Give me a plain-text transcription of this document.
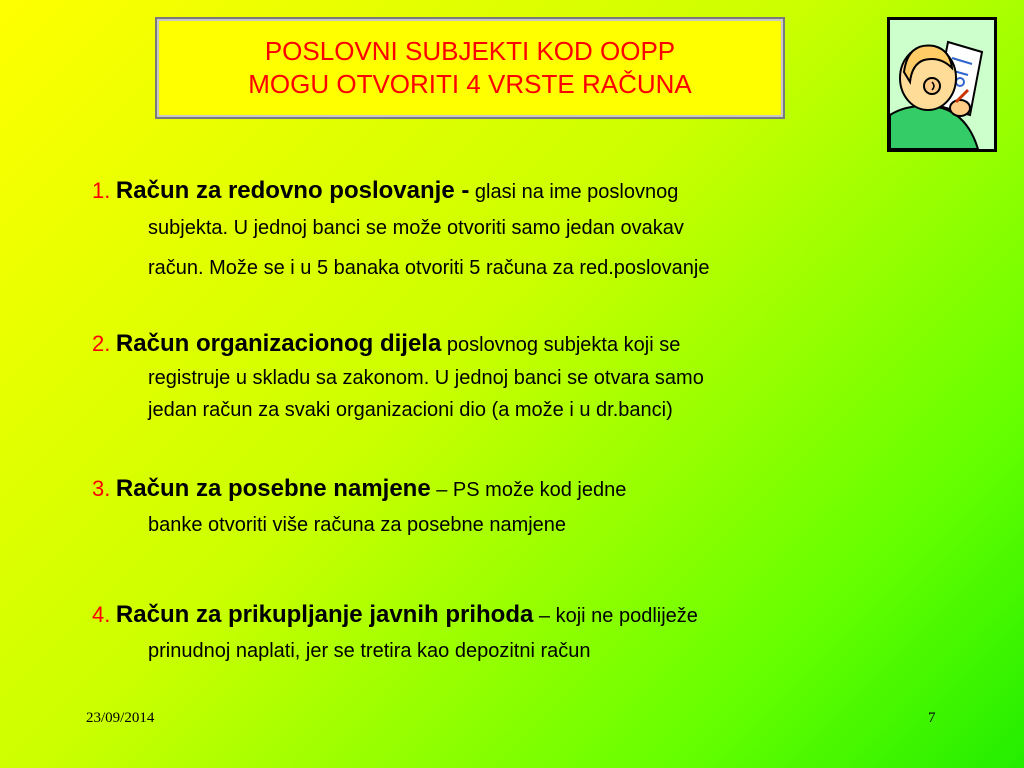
POSLOVNI SUBJEKTI KOD OOPP
MOGU OTVORITI 4 VRSTE RAČUNA
1. Račun za redovno poslovanje - glasi na ime poslovnog
subjekta. U jednoj banci se može otvoriti samo jedan ovakav
račun. Može se i u 5 banaka otvoriti 5 računa za red.poslovanje
2. Račun organizacionog dijela poslovnog subjekta koji se
registruje u skladu sa zakonom. U jednoj banci se otvara samo
jedan račun za svaki organizacioni dio (a može i u dr.banci)
3. Račun za posebne namjene – PS može kod jedne
banke otvoriti više računa za posebne namjene
4. Račun za prikupljanje javnih prihoda – koji ne podliježe
prinudnoj naplati, jer se tretira kao depozitni račun
23/09/2014	7
